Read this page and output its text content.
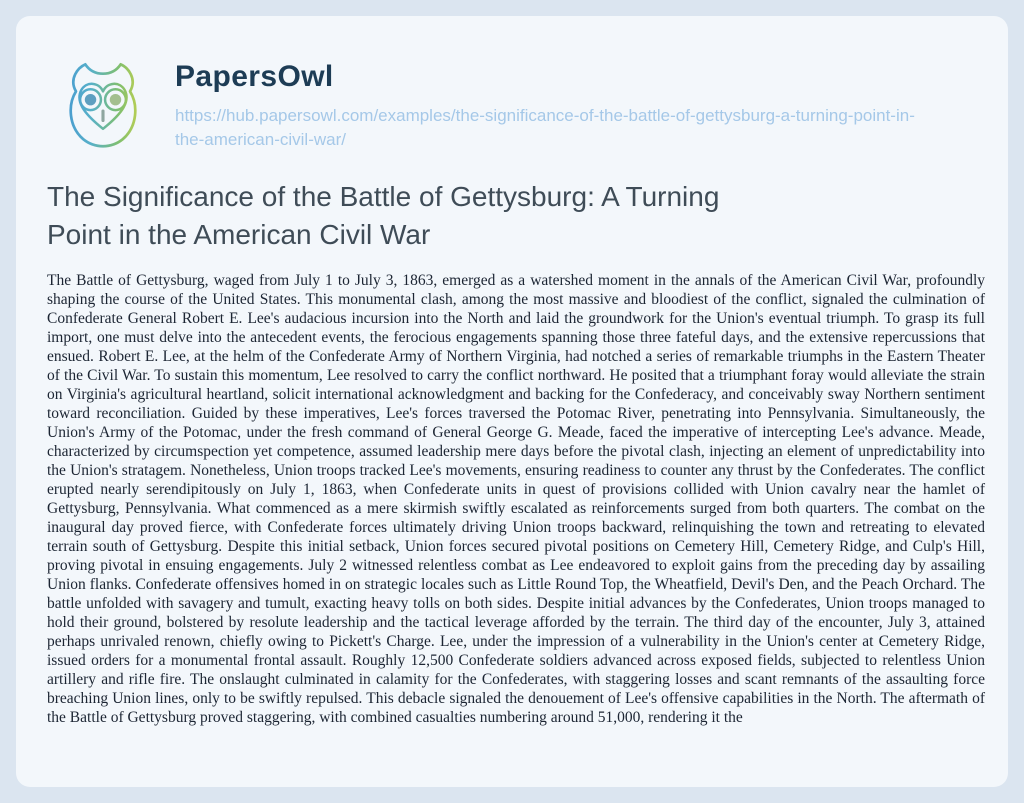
PapersOwl
https://hub.papersowl.com/examples/the-significance-of-the-battle-of-gettysburg-a-turning-point-in-the-american-civil-war/
The Significance of the Battle of Gettysburg: A Turning Point in the American Civil War

The Battle of Gettysburg, waged from July 1 to July 3, 1863, emerged as a watershed moment in the annals of the American Civil War, profoundly shaping the course of the United States. This monumental clash, among the most massive and bloodiest of the conflict, signaled the culmination of Confederate General Robert E. Lee's audacious incursion into the North and laid the groundwork for the Union's eventual triumph. To grasp its full import, one must delve into the antecedent events, the ferocious engagements spanning those three fateful days, and the extensive repercussions that ensued. Robert E. Lee, at the helm of the Confederate Army of Northern Virginia, had notched a series of remarkable triumphs in the Eastern Theater of the Civil War. To sustain this momentum, Lee resolved to carry the conflict northward. He posited that a triumphant foray would alleviate the strain on Virginia's agricultural heartland, solicit international acknowledgment and backing for the Confederacy, and conceivably sway Northern sentiment toward reconciliation. Guided by these imperatives, Lee's forces traversed the Potomac River, penetrating into Pennsylvania. Simultaneously, the Union's Army of the Potomac, under the fresh command of General George G. Meade, faced the imperative of intercepting Lee's advance. Meade, characterized by circumspection yet competence, assumed leadership mere days before the pivotal clash, injecting an element of unpredictability into the Union's stratagem. Nonetheless, Union troops tracked Lee's movements, ensuring readiness to counter any thrust by the Confederates. The conflict erupted nearly serendipitously on July 1, 1863, when Confederate units in quest of provisions collided with Union cavalry near the hamlet of Gettysburg, Pennsylvania. What commenced as a mere skirmish swiftly escalated as reinforcements surged from both quarters. The combat on the inaugural day proved fierce, with Confederate forces ultimately driving Union troops backward, relinquishing the town and retreating to elevated terrain south of Gettysburg. Despite this initial setback, Union forces secured pivotal positions on Cemetery Hill, Cemetery Ridge, and Culp's Hill, proving pivotal in ensuing engagements. July 2 witnessed relentless combat as Lee endeavored to exploit gains from the preceding day by assailing Union flanks. Confederate offensives homed in on strategic locales such as Little Round Top, the Wheatfield, Devil's Den, and the Peach Orchard. The battle unfolded with savagery and tumult, exacting heavy tolls on both sides. Despite initial advances by the Confederates, Union troops managed to hold their ground, bolstered by resolute leadership and the tactical leverage afforded by the terrain. The third day of the encounter, July 3, attained perhaps unrivaled renown, chiefly owing to Pickett's Charge. Lee, under the impression of a vulnerability in the Union's center at Cemetery Ridge, issued orders for a monumental frontal assault. Roughly 12,500 Confederate soldiers advanced across exposed fields, subjected to relentless Union artillery and rifle fire. The onslaught culminated in calamity for the Confederates, with staggering losses and scant remnants of the assaulting force breaching Union lines, only to be swiftly repulsed. This debacle signaled the denouement of Lee's offensive capabilities in the North. The aftermath of the Battle of Gettysburg proved staggering, with combined casualties numbering around 51,000, rendering it the
